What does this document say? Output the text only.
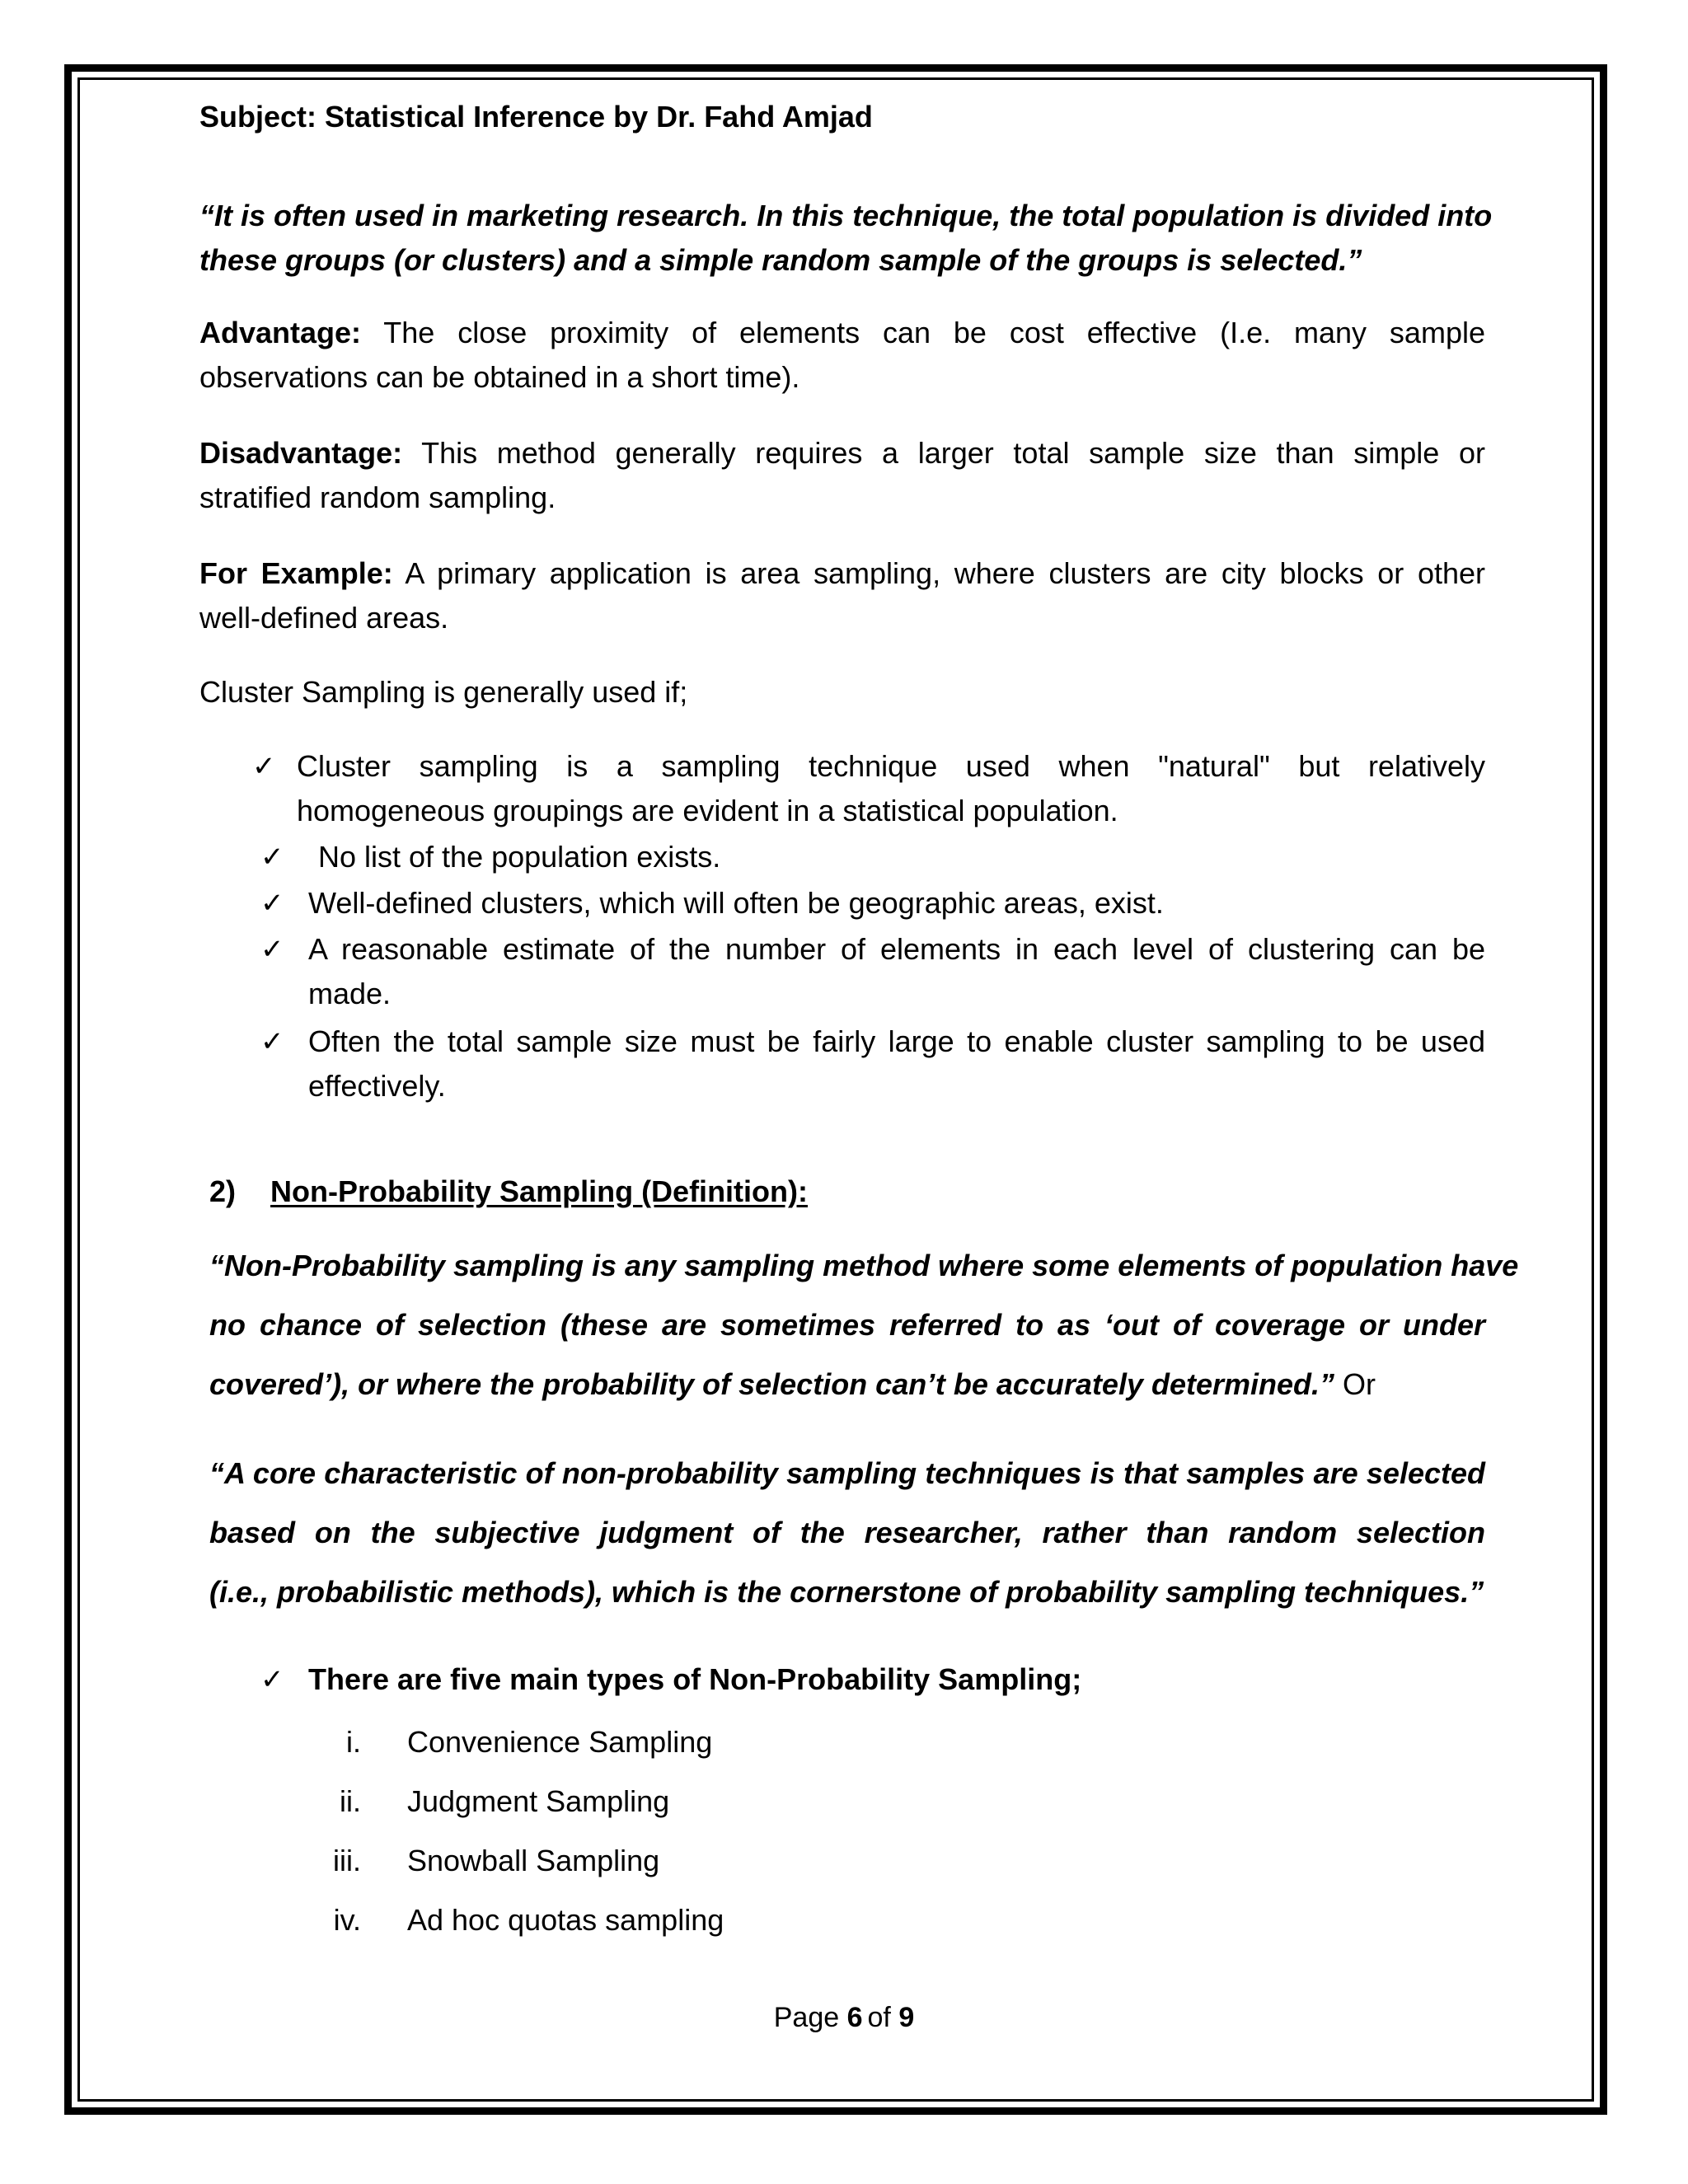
Subject: Statistical Inference by Dr. Fahd Amjad
“It is often used in marketing research. In this technique, the total population is divided into
these groups (or clusters) and a simple random sample of the groups is selected.”
Advantage: The close proximity of elements can be cost effective (I.e. many sample
observations can be obtained in a short time).
Disadvantage: This method generally requires a larger total sample size than simple or
stratified random sampling.
For Example: A primary application is area sampling, where clusters are city blocks or other
well-defined areas.
Cluster Sampling is generally used if;
✓ Cluster sampling is a sampling technique used when "natural" but relatively
homogeneous groupings are evident in a statistical population.
✓ No list of the population exists.
✓ Well-defined clusters, which will often be geographic areas, exist.
✓ A reasonable estimate of the number of elements in each level of clustering can be
made.
✓ Often the total sample size must be fairly large to enable cluster sampling to be used
effectively.
2) Non-Probability Sampling (Definition):
“Non-Probability sampling is any sampling method where some elements of population have
no chance of selection (these are sometimes referred to as ‘out of coverage or under
covered’), or where the probability of selection can’t be accurately determined.” Or
“A core characteristic of non-probability sampling techniques is that samples are selected
based on the subjective judgment of the researcher, rather than random selection
(i.e., probabilistic methods), which is the cornerstone of probability sampling techniques.”
✓ There are five main types of Non-Probability Sampling;
i. Convenience Sampling
ii. Judgment Sampling
iii. Snowball Sampling
iv. Ad hoc quotas sampling
Page 6 of 9
